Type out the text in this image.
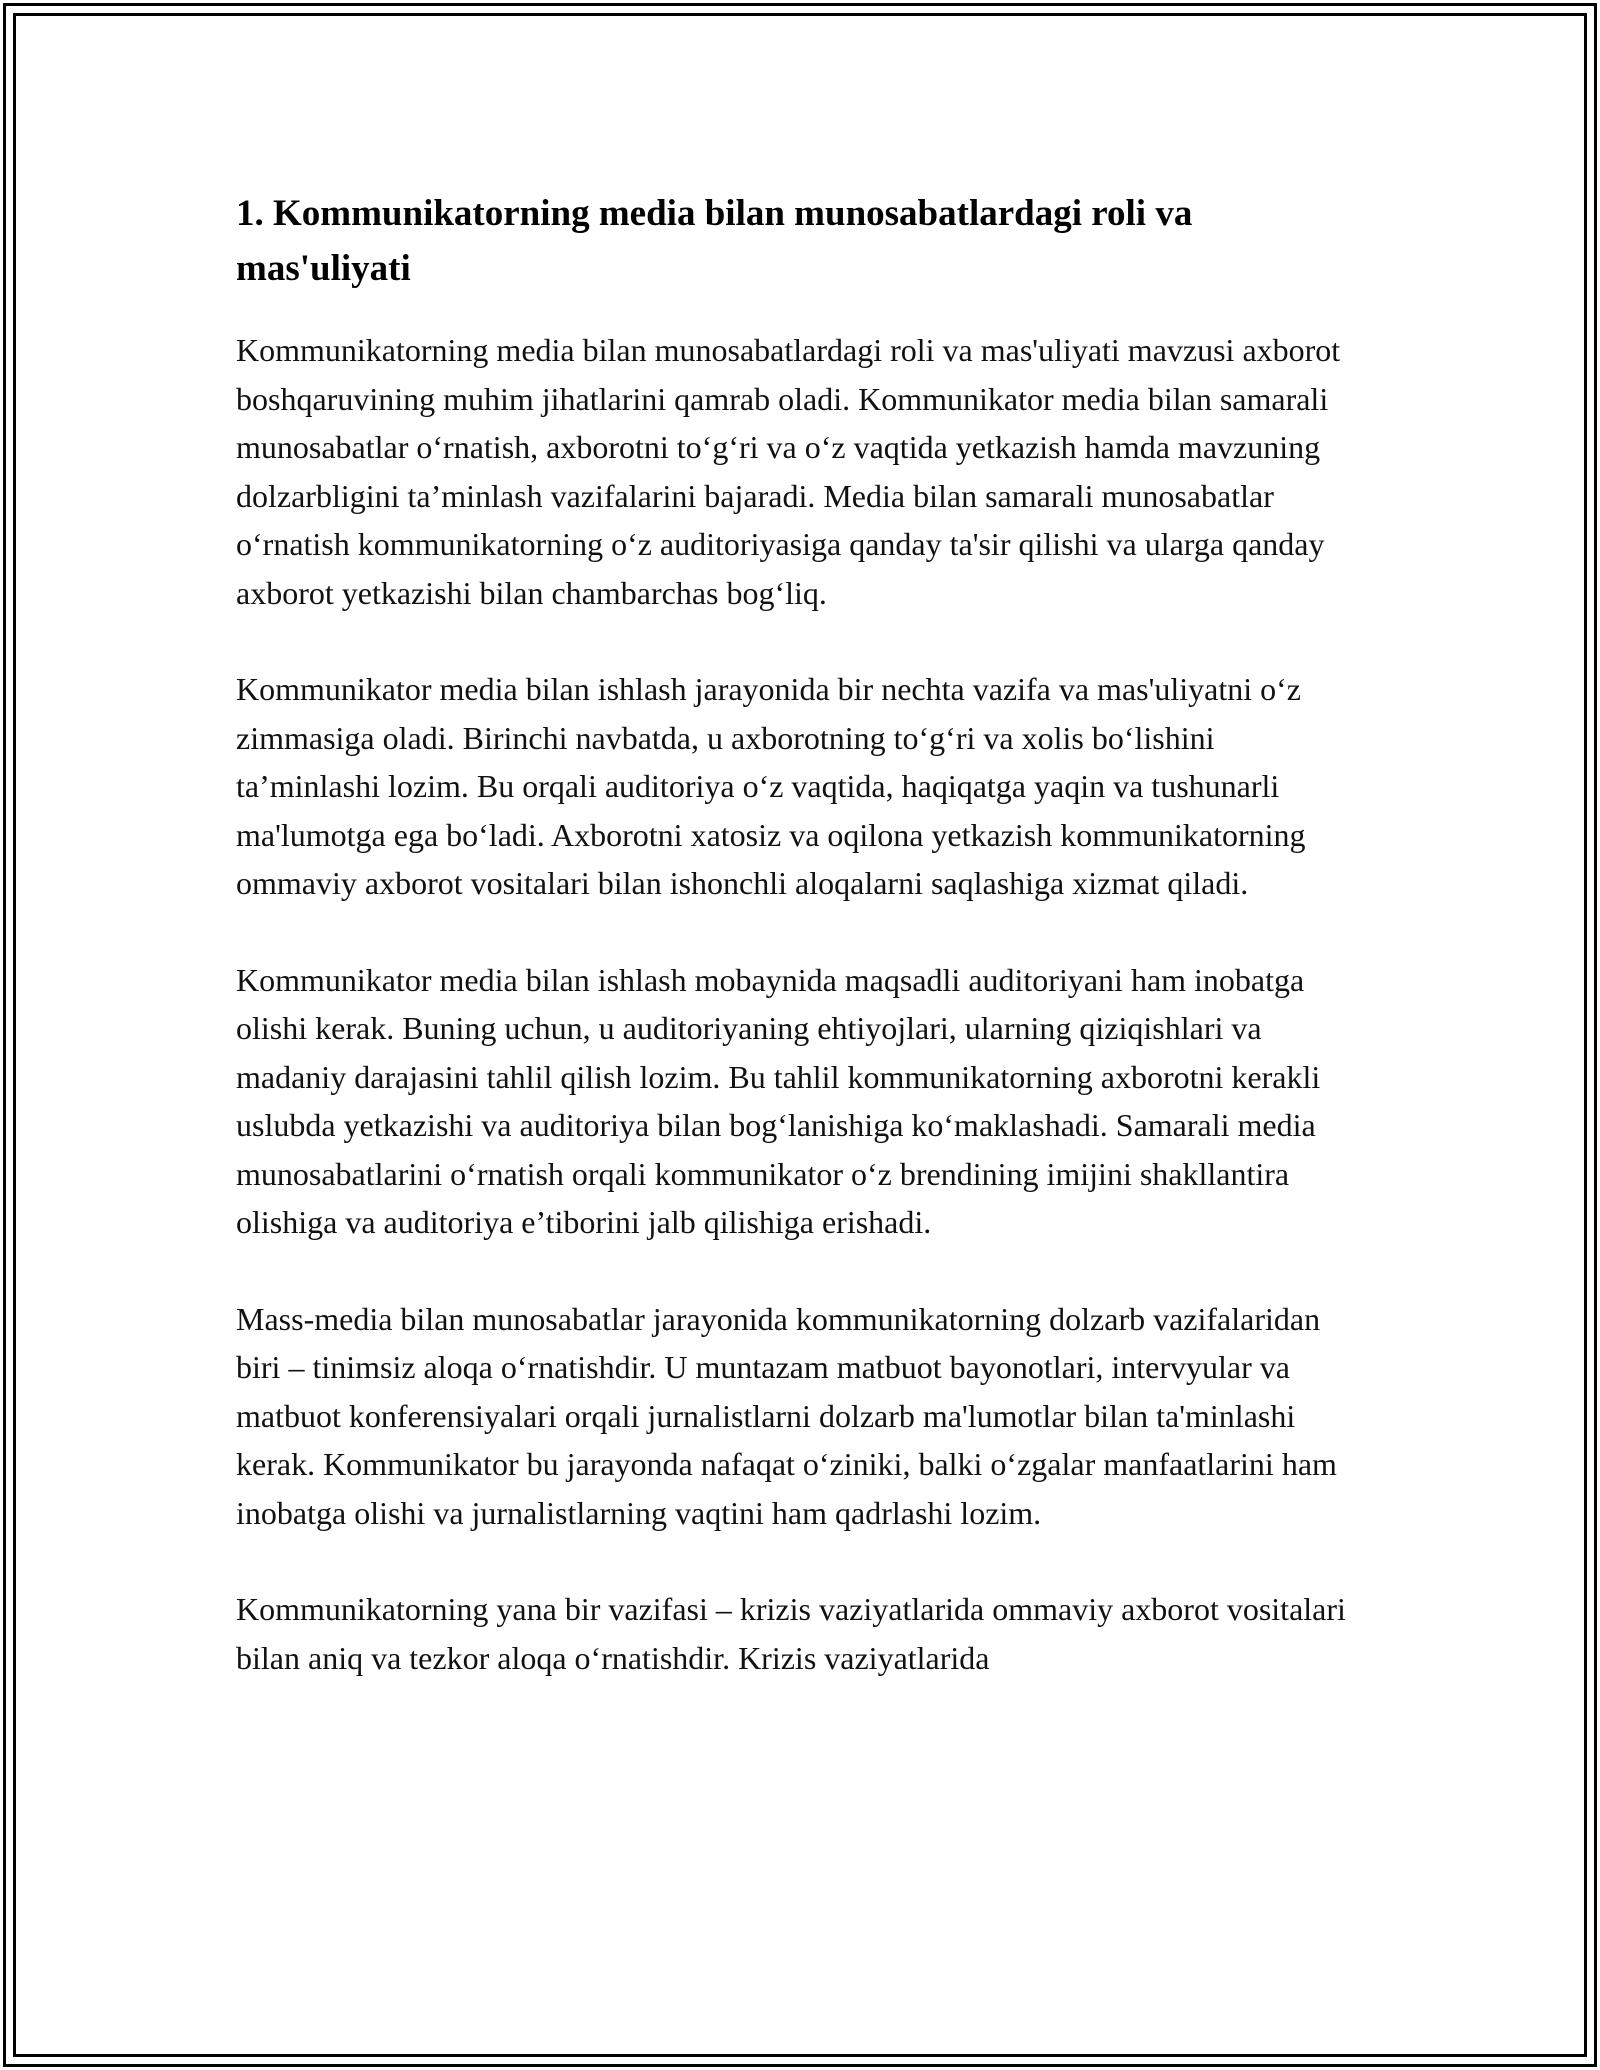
1. Kommunikatorning media bilan munosabatlardagi roli va mas'uliyati

Kommunikatorning media bilan munosabatlardagi roli va mas'uliyati mavzusi axborot boshqaruvining muhim jihatlarini qamrab oladi. Kommunikator media bilan samarali munosabatlar o‘rnatish, axborotni to‘g‘ri va o‘z vaqtida yetkazish hamda mavzuning dolzarbligini ta’minlash vazifalarini bajaradi. Media bilan samarali munosabatlar o‘rnatish kommunikatorning o‘z auditoriyasiga qanday ta'sir qilishi va ularga qanday axborot yetkazishi bilan chambarchas bog‘liq.

Kommunikator media bilan ishlash jarayonida bir nechta vazifa va mas'uliyatni o‘z zimmasiga oladi. Birinchi navbatda, u axborotning to‘g‘ri va xolis bo‘lishini ta’minlashi lozim. Bu orqali auditoriya o‘z vaqtida, haqiqatga yaqin va tushunarli ma'lumotga ega bo‘ladi. Axborotni xatosiz va oqilona yetkazish kommunikatorning ommaviy axborot vositalari bilan ishonchli aloqalarni saqlashiga xizmat qiladi.

Kommunikator media bilan ishlash mobaynida maqsadli auditoriyani ham inobatga olishi kerak. Buning uchun, u auditoriyaning ehtiyojlari, ularning qiziqishlari va madaniy darajasini tahlil qilish lozim. Bu tahlil kommunikatorning axborotni kerakli uslubda yetkazishi va auditoriya bilan bog‘lanishiga ko‘maklashadi. Samarali media munosabatlarini o‘rnatish orqali kommunikator o‘z brendining imijini shakllantira olishiga va auditoriya e’tiborini jalb qilishiga erishadi.

Mass-media bilan munosabatlar jarayonida kommunikatorning dolzarb vazifalaridan biri – tinimsiz aloqa o‘rnatishdir. U muntazam matbuot bayonotlari, intervyular va matbuot konferensiyalari orqali jurnalistlarni dolzarb ma'lumotlar bilan ta'minlashi kerak. Kommunikator bu jarayonda nafaqat o‘ziniki, balki o‘zgalar manfaatlarini ham inobatga olishi va jurnalistlarning vaqtini ham qadrlashi lozim.

Kommunikatorning yana bir vazifasi – krizis vaziyatlarida ommaviy axborot vositalari bilan aniq va tezkor aloqa o‘rnatishdir. Krizis vaziyatlarida
